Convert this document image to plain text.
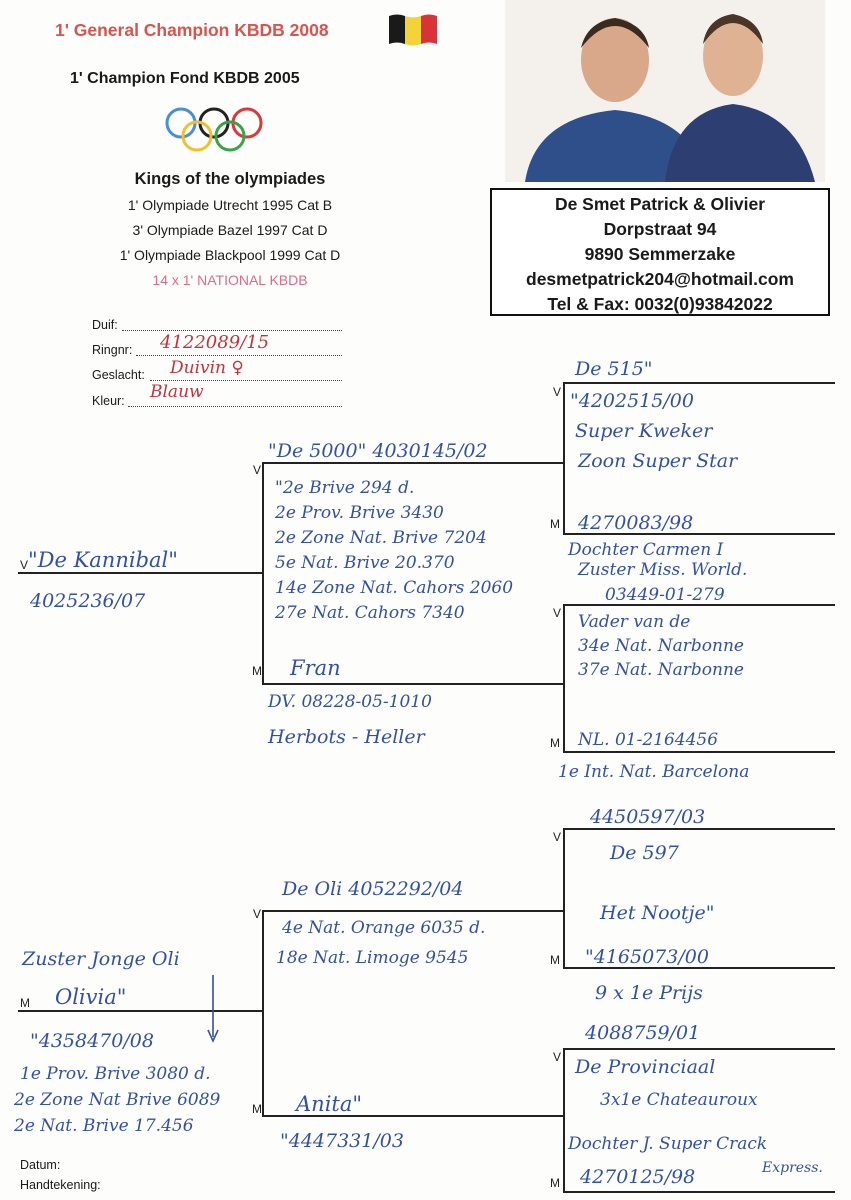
1' General Champion KBDB 2008
1' Champion Fond KBDB 2005
Kings of the olympiades
1' Olympiade Utrecht 1995 Cat B
3' Olympiade Bazel 1997 Cat D
1' Olympiade Blackpool 1999 Cat D
14 x 1' NATIONAL KBDB
De Smet Patrick & Olivier
Dorpstraat 94
9890 Semmerzake
desmetpatrick204@hotmail.com
Tel & Fax: 0032(0)93842022
Duif:
Ringnr: 4122089/15
Geslacht: Duivin ♀
Kleur: Blauw
V
V
M
V
M
V
M
M
V
M
V
M
V
M
"De Kannibal"
4025236/07
"De 5000" 4030145/02
"2e Brive 294 d.
2e Prov. Brive 3430
2e Zone Nat. Brive 7204
5e Nat. Brive 20.370
14e Zone Nat. Cahors 2060
27e Nat. Cahors 7340
Fran
DV. 08228-05-1010
Herbots - Heller
De 515"
"4202515/00
Super Kweker
Zoon Super Star
4270083/98
Dochter Carmen I
Zuster Miss. World.
03449-01-279
Vader van de
34e Nat. Narbonne
37e Nat. Narbonne
NL. 01-2164456
1e Int. Nat. Barcelona
Zuster Jonge Oli
Olivia"
"4358470/08
1e Prov. Brive 3080 d.
2e Zone Nat Brive 6089
2e Nat. Brive 17.456
De Oli 4052292/04
4e Nat. Orange 6035 d.
18e Nat. Limoge 9545
Anita"
"4447331/03
4450597/03
De 597
Het Nootje"
"4165073/00
9 x 1e Prijs
4088759/01
De Provinciaal
3x1e Chateauroux
Dochter J. Super Crack
4270125/98	Express.
Datum:
Handtekening:
